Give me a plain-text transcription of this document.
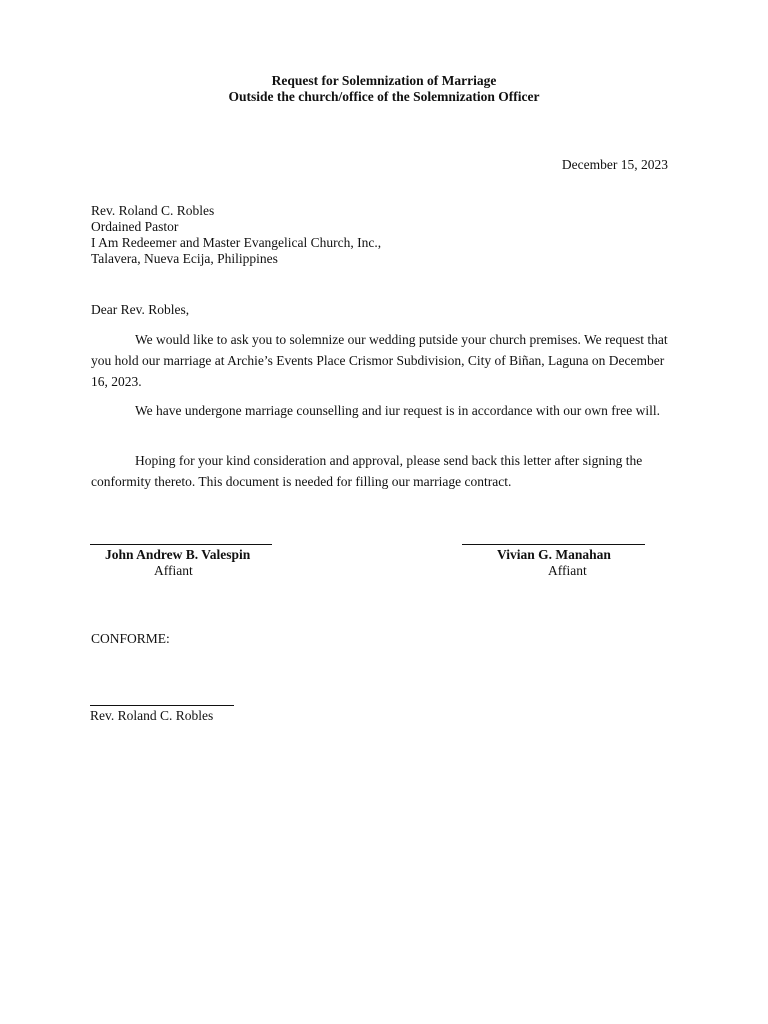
Request for Solemnization of Marriage
Outside the church/office of the Solemnization Officer
December 15, 2023
Rev. Roland C. Robles
Ordained Pastor
I Am Redeemer and Master Evangelical Church, Inc.,
Talavera, Nueva Ecija, Philippines
Dear Rev. Robles,

We would like to ask you to solemnize our wedding putside your church premises. We request that you hold our marriage at Archie’s Events Place Crismor Subdivision, City of Biñan, Laguna on December 16, 2023.

We have undergone marriage counselling and iur request is in accordance with our own free will.

Hoping for your kind consideration and approval, please send back this letter after signing the conformity thereto. This document is needed for filling our marriage contract.

John Andrew B. Valespin
Affiant
Vivian G. Manahan
Affiant
CONFORME:
Rev. Roland C. Robles
